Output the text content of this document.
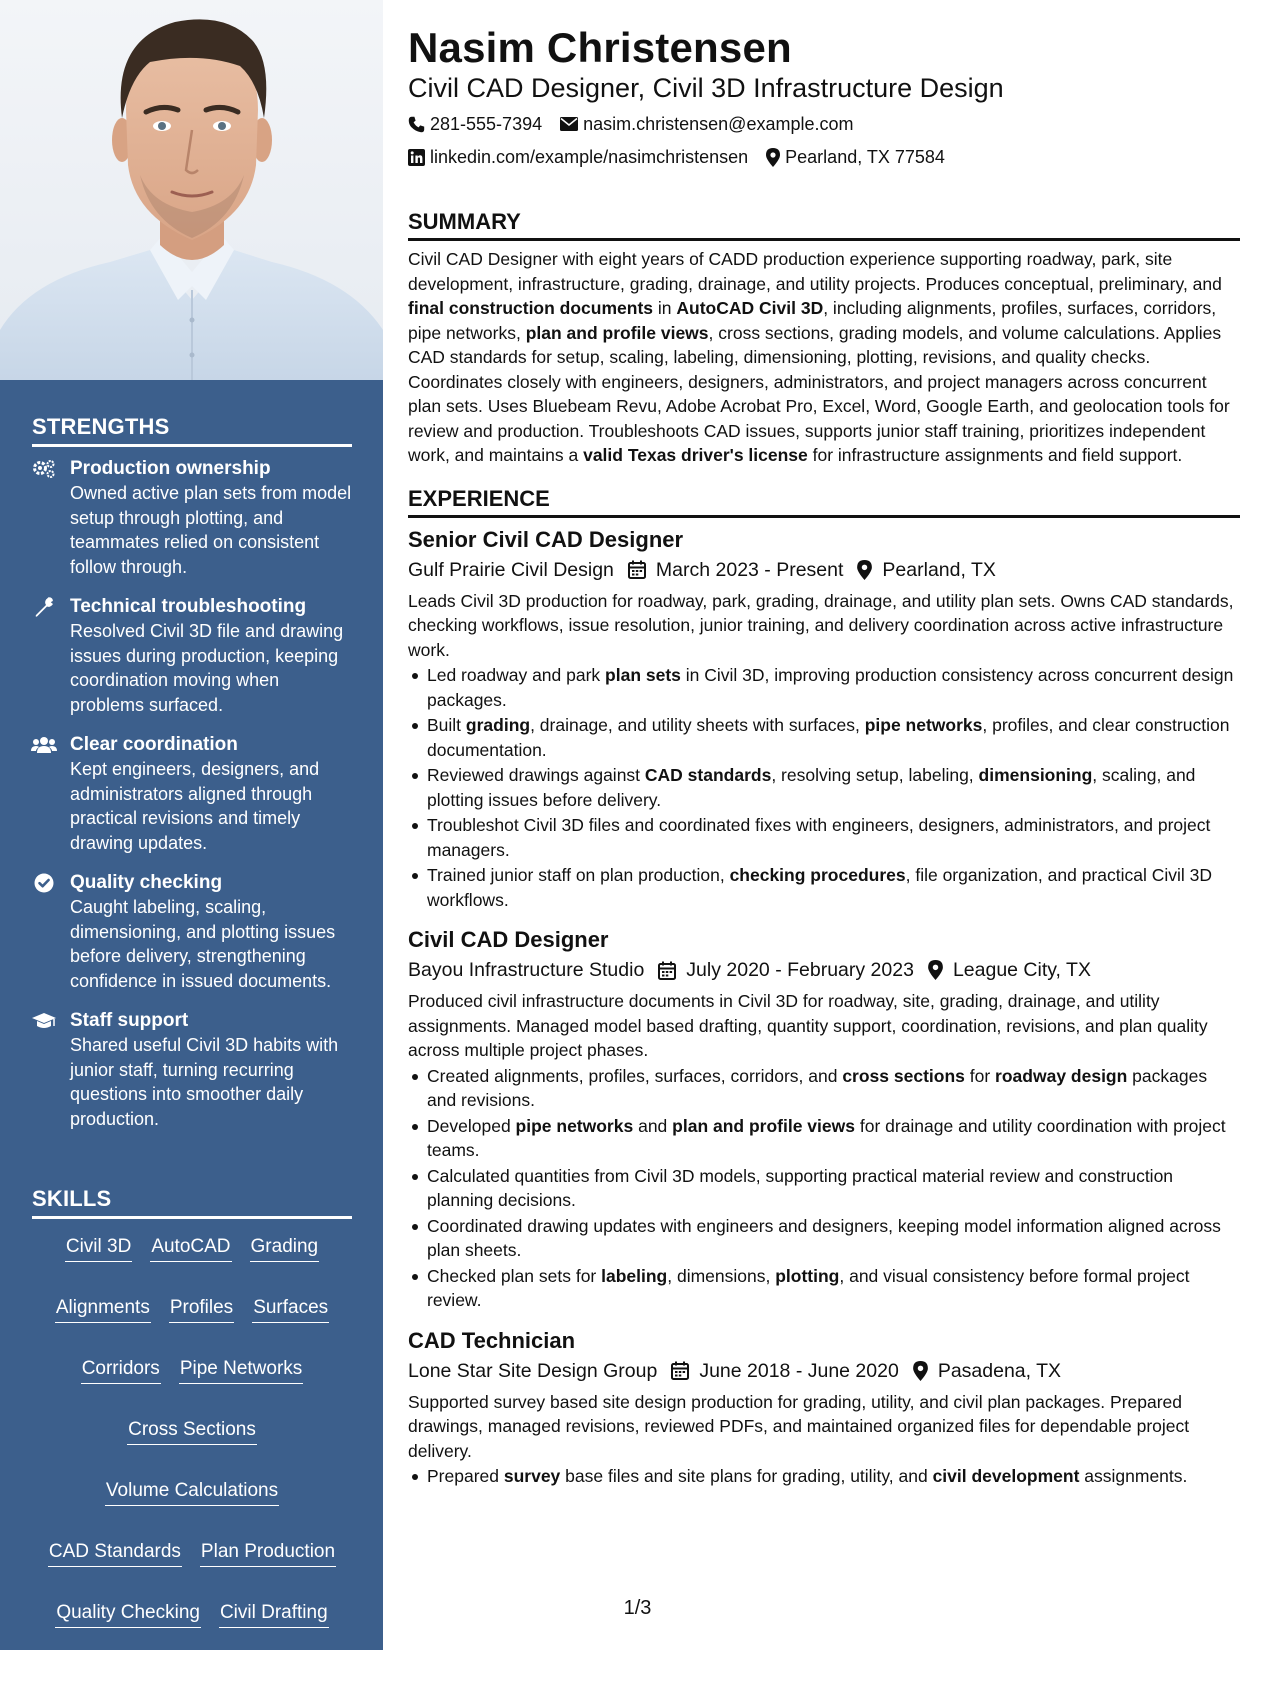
STRENGTHS
Production ownership
Owned active plan sets from model setup through plotting, and teammates relied on consistent follow through.
Technical troubleshooting
Resolved Civil 3D file and drawing issues during production, keeping coordination moving when problems surfaced.
Clear coordination
Kept engineers, designers, and administrators aligned through practical revisions and timely drawing updates.
Quality checking
Caught labeling, scaling, dimensioning, and plotting issues before delivery, strengthening confidence in issued documents.
Staff support
Shared useful Civil 3D habits with junior staff, turning recurring questions into smoother daily production.
SKILLS
Civil 3D AutoCAD Grading
Alignments Profiles Surfaces
Corridors Pipe Networks
Cross Sections
Volume Calculations
CAD Standards Plan Production
Quality Checking Civil Drafting
Utility Design
Nasim Christensen
Civil CAD Designer, Civil 3D Infrastructure Design
281-555-7394 nasim.christensen@example.com
linkedin.com/example/nasimchristensen Pearland, TX 77584
SUMMARY

Civil CAD Designer with eight years of CADD production experience supporting roadway, park, site development, infrastructure, grading, drainage, and utility projects. Produces conceptual, preliminary, and final construction documents in AutoCAD Civil 3D, including alignments, profiles, surfaces, corridors, pipe networks, plan and profile views, cross sections, grading models, and volume calculations. Applies CAD standards for setup, scaling, labeling, dimensioning, plotting, revisions, and quality checks. Coordinates closely with engineers, designers, administrators, and project managers across concurrent plan sets. Uses Bluebeam Revu, Adobe Acrobat Pro, Excel, Word, Google Earth, and geolocation tools for review and production. Troubleshoots CAD issues, supports junior staff training, prioritizes independent work, and maintains a valid Texas driver's license for infrastructure assignments and field support.

EXPERIENCE
Senior Civil CAD Designer
Gulf Prairie Civil Design March 2023 - Present Pearland, TX

Leads Civil 3D production for roadway, park, grading, drainage, and utility plan sets. Owns CAD standards, checking workflows, issue resolution, junior training, and delivery coordination across active infrastructure work.

Led roadway and park plan sets in Civil 3D, improving production consistency across concurrent design packages.
Built grading, drainage, and utility sheets with surfaces, pipe networks, profiles, and clear construction documentation.
Reviewed drawings against CAD standards, resolving setup, labeling, dimensioning, scaling, and plotting issues before delivery.
Troubleshot Civil 3D files and coordinated fixes with engineers, designers, administrators, and project managers.
Trained junior staff on plan production, checking procedures, file organization, and practical Civil 3D workflows.
Civil CAD Designer
Bayou Infrastructure Studio July 2020 - February 2023 League City, TX

Produced civil infrastructure documents in Civil 3D for roadway, site, grading, drainage, and utility assignments. Managed model based drafting, quantity support, coordination, revisions, and plan quality across multiple project phases.

Created alignments, profiles, surfaces, corridors, and cross sections for roadway design packages and revisions.
Developed pipe networks and plan and profile views for drainage and utility coordination with project teams.
Calculated quantities from Civil 3D models, supporting practical material review and construction planning decisions.
Coordinated drawing updates with engineers and designers, keeping model information aligned across plan sheets.
Checked plan sets for labeling, dimensions, plotting, and visual consistency before formal project review.
CAD Technician
Lone Star Site Design Group June 2018 - June 2020 Pasadena, TX

Supported survey based site design production for grading, utility, and civil plan packages. Prepared drawings, managed revisions, reviewed PDFs, and maintained organized files for dependable project delivery.

Prepared survey base files and site plans for grading, utility, and civil development assignments.
1/3
